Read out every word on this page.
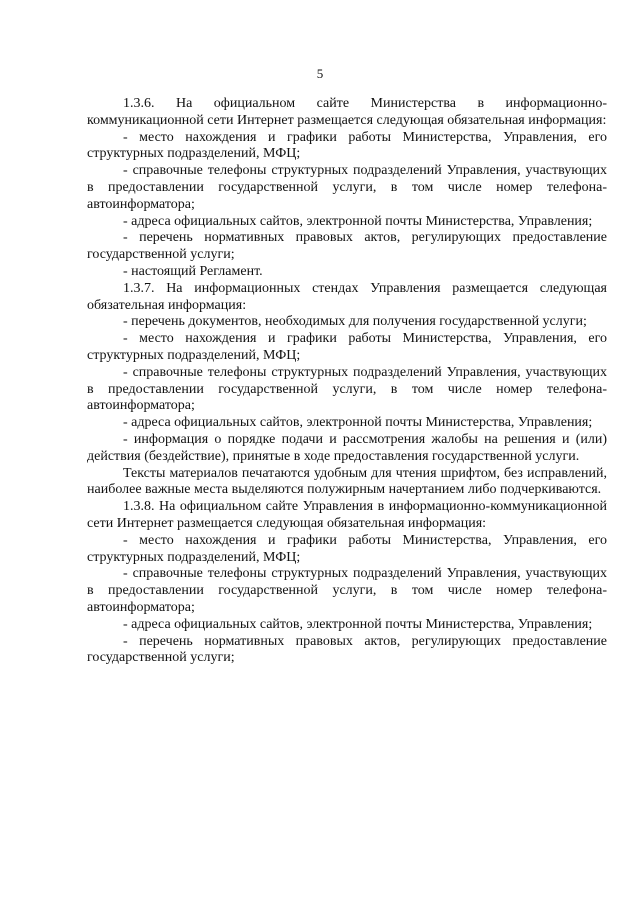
5

1.3.6. На официальном сайте Министерства в информационно-коммуникационной сети Интернет размещается следующая обязательная информация:

- место нахождения и графики работы Министерства, Управления, его структурных подразделений, МФЦ;

- справочные телефоны структурных подразделений Управления, участвующих в предоставлении государственной услуги, в том числе номер телефона-автоинформатора;

- адреса официальных сайтов, электронной почты Министерства, Управления;

- перечень нормативных правовых актов, регулирующих предоставление государственной услуги;

- настоящий Регламент.

1.3.7. На информационных стендах Управления размещается следующая обязательная информация:

- перечень документов, необходимых для получения государственной услуги;

- место нахождения и графики работы Министерства, Управления, его структурных подразделений, МФЦ;

- справочные телефоны структурных подразделений Управления, участвующих в предоставлении государственной услуги, в том числе номер телефона-автоинформатора;

- адреса официальных сайтов, электронной почты Министерства, Управления;

- информация о порядке подачи и рассмотрения жалобы на решения и (или) действия (бездействие), принятые в ходе предоставления государственной услуги.

Тексты материалов печатаются удобным для чтения шрифтом, без исправлений, наиболее важные места выделяются полужирным начертанием либо подчеркиваются.

1.3.8. На официальном сайте Управления в информационно-коммуникационной сети Интернет размещается следующая обязательная информация:

- место нахождения и графики работы Министерства, Управления, его структурных подразделений, МФЦ;

- справочные телефоны структурных подразделений Управления, участвующих в предоставлении государственной услуги, в том числе номер телефона-автоинформатора;

- адреса официальных сайтов, электронной почты Министерства, Управления;

- перечень нормативных правовых актов, регулирующих предоставление государственной услуги;
